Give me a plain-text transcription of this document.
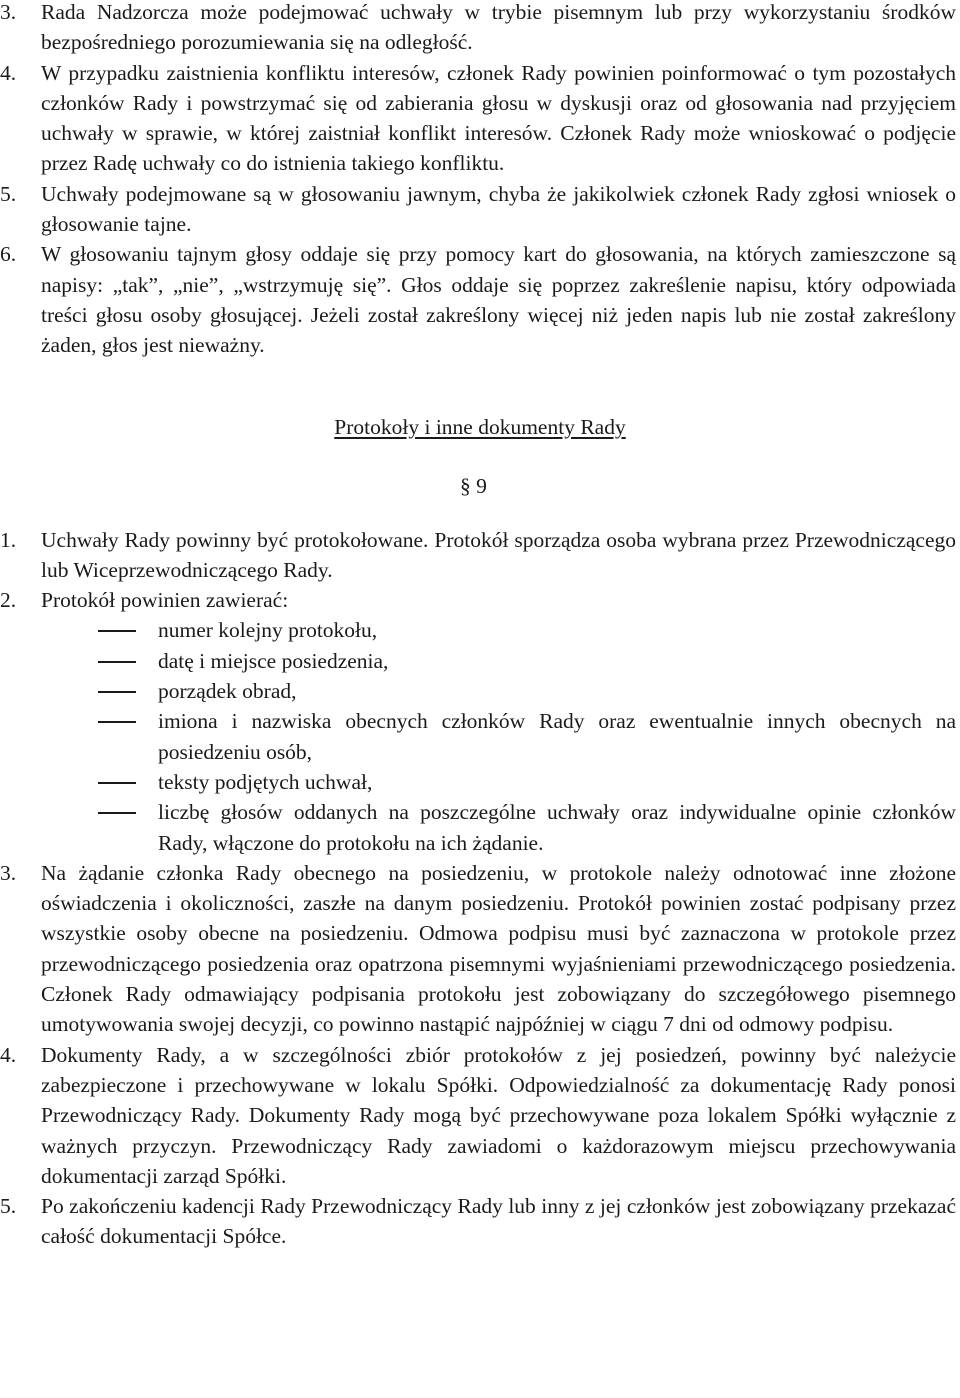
3. Rada Nadzorcza może podejmować uchwały w trybie pisemnym lub przy wykorzystaniu środków bezpośredniego porozumiewania się na odległość.
4. W przypadku zaistnienia konfliktu interesów, członek Rady powinien poinformować o tym pozostałych członków Rady i powstrzymać się od zabierania głosu w dyskusji oraz od głosowania nad przyjęciem uchwały w sprawie, w której zaistniał konflikt interesów. Członek Rady może wnioskować o podjęcie przez Radę uchwały co do istnienia takiego konfliktu.
5. Uchwały podejmowane są w głosowaniu jawnym, chyba że jakikolwiek członek Rady zgłosi wniosek o głosowanie tajne.
6. W głosowaniu tajnym głosy oddaje się przy pomocy kart do głosowania, na których zamieszczone są napisy: „tak”, „nie”, „wstrzymuję się”. Głos oddaje się poprzez zakreślenie napisu, który odpowiada treści głosu osoby głosującej. Jeżeli został zakreślony więcej niż jeden napis lub nie został zakreślony żaden, głos jest nieważny.
Protokoły i inne dokumenty Rady
§ 9
1. Uchwały Rady powinny być protokołowane. Protokół sporządza osoba wybrana przez Przewodniczącego lub Wiceprzewodniczącego Rady.
2. Protokół powinien zawierać:
numer kolejny protokołu,
datę i miejsce posiedzenia,
porządek obrad,
imiona i nazwiska obecnych członków Rady oraz ewentualnie innych obecnych na posiedzeniu osób,
teksty podjętych uchwał,
liczbę głosów oddanych na poszczególne uchwały oraz indywidualne opinie członków Rady, włączone do protokołu na ich żądanie.
3. Na żądanie członka Rady obecnego na posiedzeniu, w protokole należy odnotować inne złożone oświadczenia i okoliczności, zaszłe na danym posiedzeniu. Protokół powinien zostać podpisany przez wszystkie osoby obecne na posiedzeniu. Odmowa podpisu musi być zaznaczona w protokole przez przewodniczącego posiedzenia oraz opatrzona pisemnymi wyjaśnieniami przewodniczącego posiedzenia. Członek Rady odmawiający podpisania protokołu jest zobowiązany do szczegółowego pisemnego umotywowania swojej decyzji, co powinno nastąpić najpóźniej w ciągu 7 dni od odmowy podpisu.
4. Dokumenty Rady, a w szczególności zbiór protokołów z jej posiedzeń, powinny być należycie zabezpieczone i przechowywane w lokalu Spółki. Odpowiedzialność za dokumentację Rady ponosi Przewodniczący Rady. Dokumenty Rady mogą być przechowywane poza lokalem Spółki wyłącznie z ważnych przyczyn. Przewodniczący Rady zawiadomi o każdorazowym miejscu przechowywania dokumentacji zarząd Spółki.
5. Po zakończeniu kadencji Rady Przewodniczący Rady lub inny z jej członków jest zobowiązany przekazać całość dokumentacji Spółce.
